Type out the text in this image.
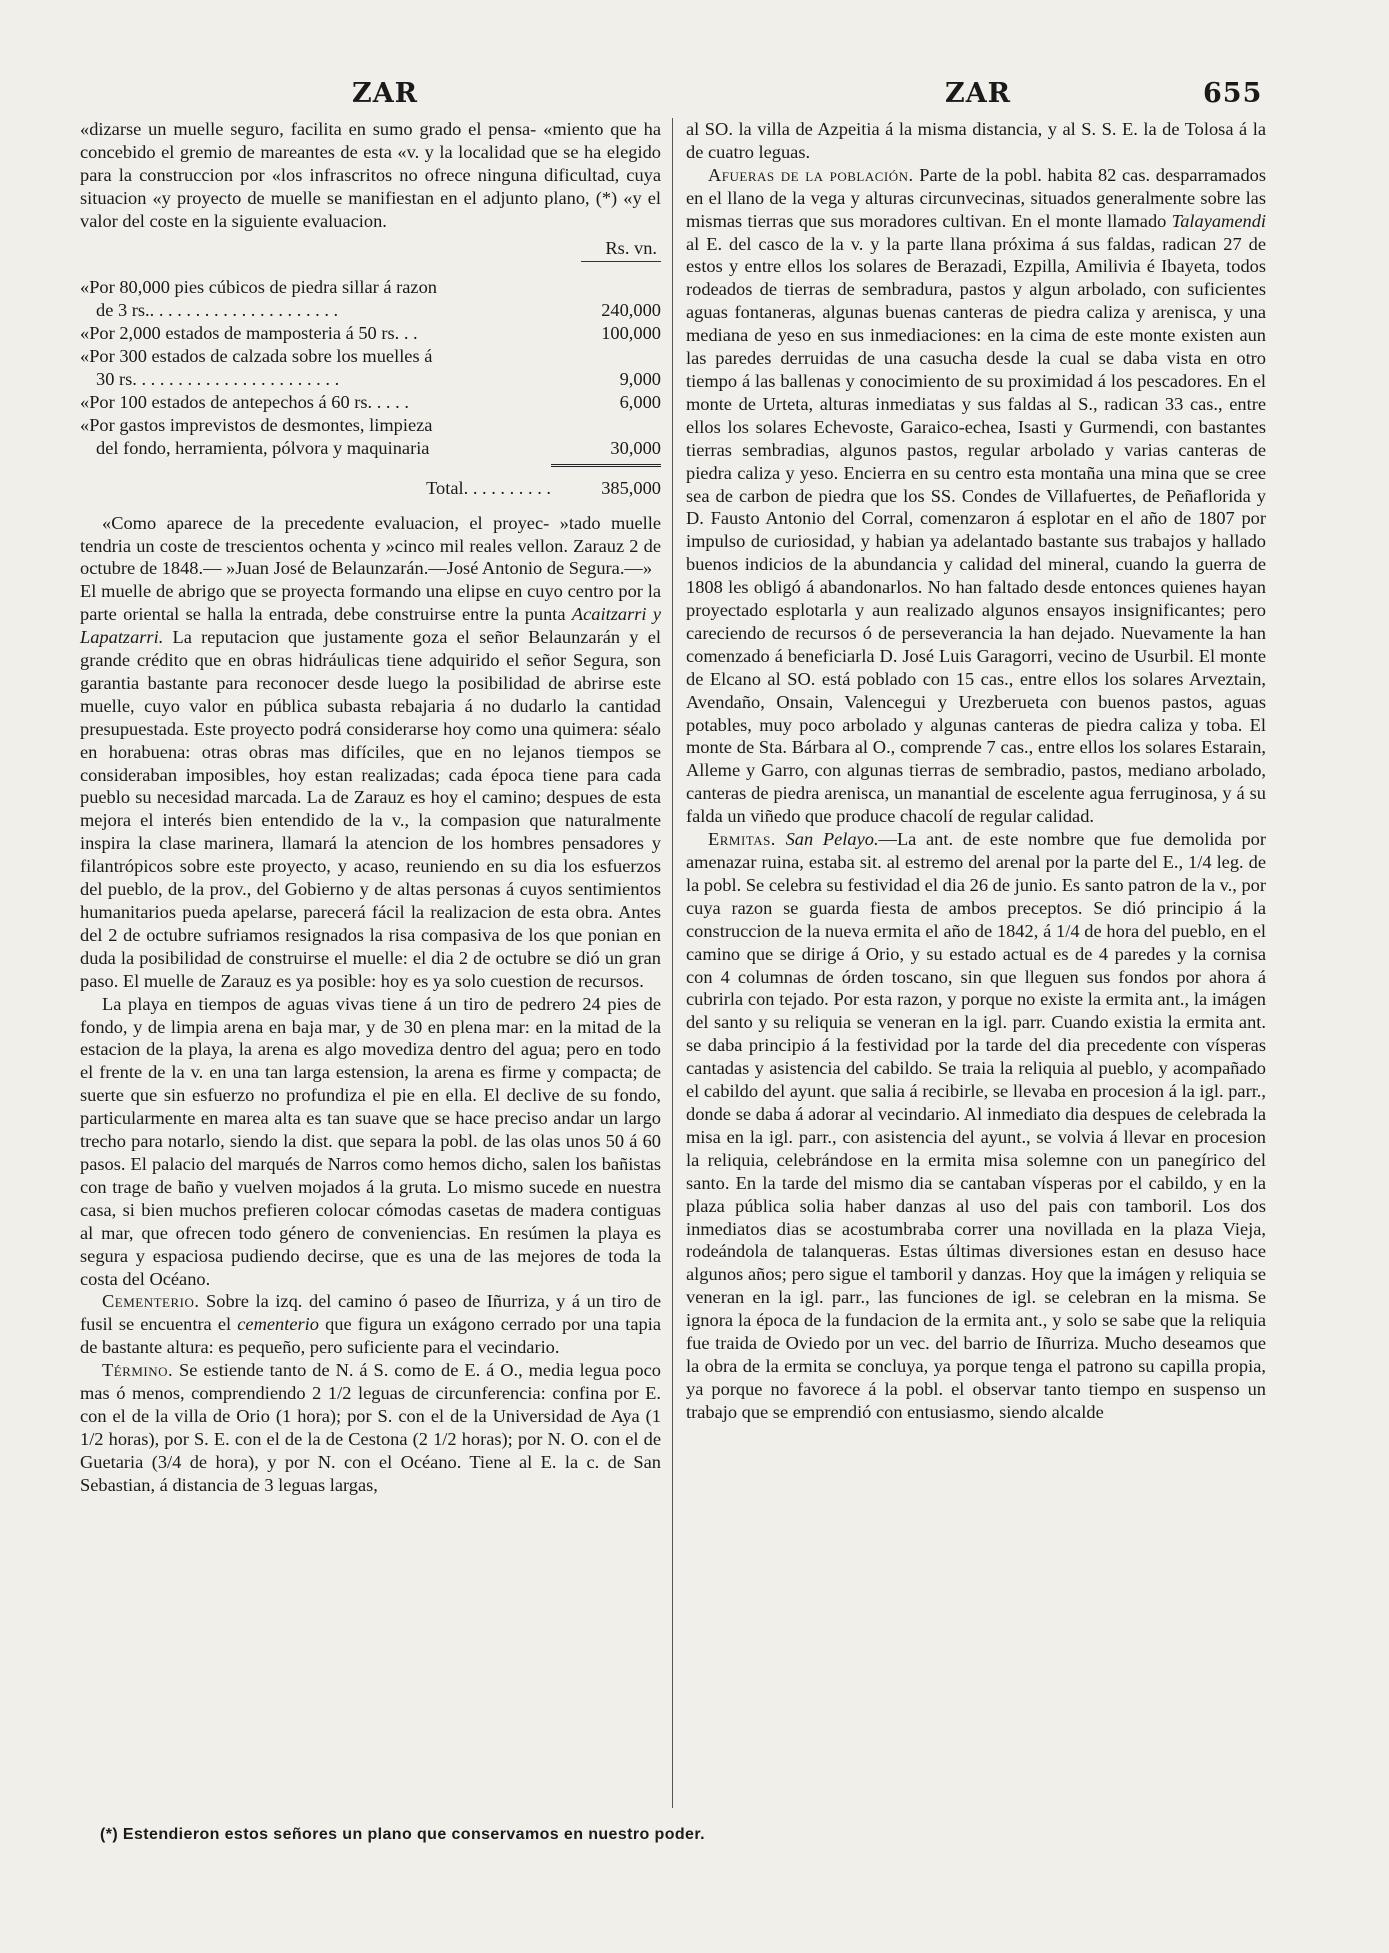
ZAR	ZAR	655

«dizarse un muelle seguro, facilita en sumo grado el pensa- «miento que ha concebido el gremio de mareantes de esta «v. y la localidad que se ha elegido para la construccion por «los infrascritos no ofrece ninguna dificultad, cuya situacion «y proyecto de muelle se manifiestan en el adjunto plano, (*) «y el valor del coste en la siguiente evaluacion.

Rs. vn.
«Por 80,000 pies cúbicos de piedra sillar á razon
de 3 rs.. . . . . . . . . . . . . . . . . . . . .	240,000
«Por 2,000 estados de mamposteria á 50 rs. . .	100,000
«Por 300 estados de calzada sobre los muelles á
30 rs. . . . . . . . . . . . . . . . . . . . . . .	9,000
«Por 100 estados de antepechos á 60 rs. . . . .	6,000
«Por gastos imprevistos de desmontes, limpieza
del fondo, herramienta, pólvora y maquinaria	30,000
Total. . . . . . . . . .	385,000

«Como aparece de la precedente evaluacion, el proyec- »tado muelle tendria un coste de trescientos ochenta y »cinco mil reales vellon. Zarauz 2 de octubre de 1848.— »Juan José de Belaunzarán.—José Antonio de Segura.—»

El muelle de abrigo que se proyecta formando una elipse en cuyo centro por la parte oriental se halla la entrada, debe construirse entre la punta Acaitzarri y Lapatzarri. La reputacion que justamente goza el señor Belaunzarán y el grande crédito que en obras hidráulicas tiene adquirido el señor Segura, son garantia bastante para reconocer desde luego la posibilidad de abrirse este muelle, cuyo valor en pública subasta rebajaria á no dudarlo la cantidad presupuestada. Este proyecto podrá considerarse hoy como una quimera: séalo en horabuena: otras obras mas difíciles, que en no lejanos tiempos se consideraban imposibles, hoy estan realizadas; cada época tiene para cada pueblo su necesidad marcada. La de Zarauz es hoy el camino; despues de esta mejora el interés bien entendido de la v., la compasion que naturalmente inspira la clase marinera, llamará la atencion de los hombres pensadores y filantrópicos sobre este proyecto, y acaso, reuniendo en su dia los esfuerzos del pueblo, de la prov., del Gobierno y de altas personas á cuyos sentimientos humanitarios pueda apelarse, parecerá fácil la realizacion de esta obra. Antes del 2 de octubre sufriamos resignados la risa compasiva de los que ponian en duda la posibilidad de construirse el muelle: el dia 2 de octubre se dió un gran paso. El muelle de Zarauz es ya posible: hoy es ya solo cuestion de recursos.

La playa en tiempos de aguas vivas tiene á un tiro de pedrero 24 pies de fondo, y de limpia arena en baja mar, y de 30 en plena mar: en la mitad de la estacion de la playa, la arena es algo movediza dentro del agua; pero en todo el frente de la v. en una tan larga estension, la arena es firme y compacta; de suerte que sin esfuerzo no profundiza el pie en ella. El declive de su fondo, particularmente en marea alta es tan suave que se hace preciso andar un largo trecho para notarlo, siendo la dist. que separa la pobl. de las olas unos 50 á 60 pasos. El palacio del marqués de Narros como hemos dicho, salen los bañistas con trage de baño y vuelven mojados á la gruta. Lo mismo sucede en nuestra casa, si bien muchos prefieren colocar cómodas casetas de madera contiguas al mar, que ofrecen todo género de conveniencias. En resúmen la playa es segura y espaciosa pudiendo decirse, que es una de las mejores de toda la costa del Océano.

Cementerio. Sobre la izq. del camino ó paseo de Iñurriza, y á un tiro de fusil se encuentra el cementerio que figura un exágono cerrado por una tapia de bastante altura: es pequeño, pero suficiente para el vecindario.

Término. Se estiende tanto de N. á S. como de E. á O., media legua poco mas ó menos, comprendiendo 2 1/2 leguas de circunferencia: confina por E. con el de la villa de Orio (1 hora); por S. con el de la Universidad de Aya (1 1/2 horas), por S. E. con el de la de Cestona (2 1/2 horas); por N. O. con el de Guetaria (3/4 de hora), y por N. con el Océano. Tiene al E. la c. de San Sebastian, á distancia de 3 leguas largas,

al SO. la villa de Azpeitia á la misma distancia, y al S. S. E. la de Tolosa á la de cuatro leguas.

Afueras de la población. Parte de la pobl. habita 82 cas. desparramados en el llano de la vega y alturas circunvecinas, situados generalmente sobre las mismas tierras que sus moradores cultivan. En el monte llamado Talayamendi al E. del casco de la v. y la parte llana próxima á sus faldas, radican 27 de estos y entre ellos los solares de Berazadi, Ezpilla, Amilivia é Ibayeta, todos rodeados de tierras de sembradura, pastos y algun arbolado, con suficientes aguas fontaneras, algunas buenas canteras de piedra caliza y arenisca, y una mediana de yeso en sus inmediaciones: en la cima de este monte existen aun las paredes derruidas de una casucha desde la cual se daba vista en otro tiempo á las ballenas y conocimiento de su proximidad á los pescadores. En el monte de Urteta, alturas inmediatas y sus faldas al S., radican 33 cas., entre ellos los solares Echevoste, Garaico-echea, Isasti y Gurmendi, con bastantes tierras sembradias, algunos pastos, regular arbolado y varias canteras de piedra caliza y yeso. Encierra en su centro esta montaña una mina que se cree sea de carbon de piedra que los SS. Condes de Villafuertes, de Peñaflorida y D. Fausto Antonio del Corral, comenzaron á esplotar en el año de 1807 por impulso de curiosidad, y habian ya adelantado bastante sus trabajos y hallado buenos indicios de la abundancia y calidad del mineral, cuando la guerra de 1808 les obligó á abandonarlos. No han faltado desde entonces quienes hayan proyectado esplotarla y aun realizado algunos ensayos insignificantes; pero careciendo de recursos ó de perseverancia la han dejado. Nuevamente la han comenzado á beneficiarla D. José Luis Garagorri, vecino de Usurbil. El monte de Elcano al SO. está poblado con 15 cas., entre ellos los solares Arveztain, Avendaño, Onsain, Valencegui y Urezberueta con buenos pastos, aguas potables, muy poco arbolado y algunas canteras de piedra caliza y toba. El monte de Sta. Bárbara al O., comprende 7 cas., entre ellos los solares Estarain, Alleme y Garro, con algunas tierras de sembradio, pastos, mediano arbolado, canteras de piedra arenisca, un manantial de escelente agua ferruginosa, y á su falda un viñedo que produce chacolí de regular calidad.

Ermitas. San Pelayo.—La ant. de este nombre que fue demolida por amenazar ruina, estaba sit. al estremo del arenal por la parte del E., 1/4 leg. de la pobl. Se celebra su festividad el dia 26 de junio. Es santo patron de la v., por cuya razon se guarda fiesta de ambos preceptos. Se dió principio á la construccion de la nueva ermita el año de 1842, á 1/4 de hora del pueblo, en el camino que se dirige á Orio, y su estado actual es de 4 paredes y la cornisa con 4 columnas de órden toscano, sin que lleguen sus fondos por ahora á cubrirla con tejado. Por esta razon, y porque no existe la ermita ant., la imágen del santo y su reliquia se veneran en la igl. parr. Cuando existia la ermita ant. se daba principio á la festividad por la tarde del dia precedente con vísperas cantadas y asistencia del cabildo. Se traia la reliquia al pueblo, y acompañado el cabildo del ayunt. que salia á recibirle, se llevaba en procesion á la igl. parr., donde se daba á adorar al vecindario. Al inmediato dia despues de celebrada la misa en la igl. parr., con asistencia del ayunt., se volvia á llevar en procesion la reliquia, celebrándose en la ermita misa solemne con un panegírico del santo. En la tarde del mismo dia se cantaban vísperas por el cabildo, y en la plaza pública solia haber danzas al uso del pais con tamboril. Los dos inmediatos dias se acostumbraba correr una novillada en la plaza Vieja, rodeándola de talanqueras. Estas últimas diversiones estan en desuso hace algunos años; pero sigue el tamboril y danzas. Hoy que la imágen y reliquia se veneran en la igl. parr., las funciones de igl. se celebran en la misma. Se ignora la época de la fundacion de la ermita ant., y solo se sabe que la reliquia fue traida de Oviedo por un vec. del barrio de Iñurriza. Mucho deseamos que la obra de la ermita se concluya, ya porque tenga el patrono su capilla propia, ya porque no favorece á la pobl. el observar tanto tiempo en suspenso un trabajo que se emprendió con entusiasmo, siendo alcalde

(*) Estendieron estos señores un plano que conservamos en nuestro poder.
